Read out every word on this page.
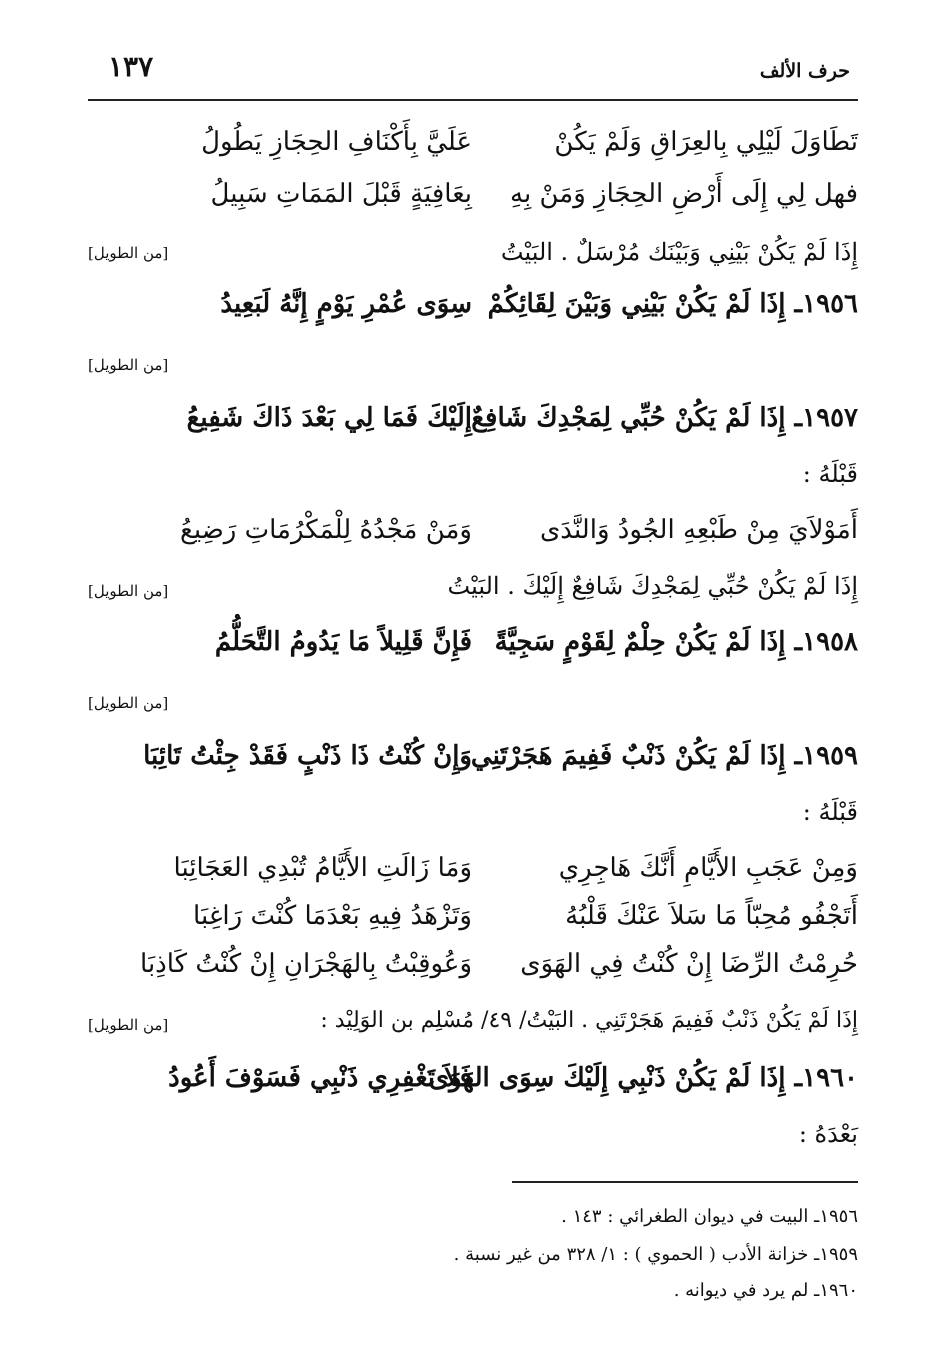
حرف الألف
١٣٧
تَطَاوَلَ لَيْلِي بِالعِرَاقِ وَلَمْ يَكُنْ
عَلَيَّ بِأَكْنَافِ الحِجَازِ يَطُولُ
فهل لِي إِلَى أَرْضِ الحِجَازِ وَمَنْ بِهِ
بِعَافِيَةٍ قَبْلَ المَمَاتِ سَبِيلُ
إِذَا لَمْ يَكُنْ بَيْنِي وَبَيْنَك مُرْسَلٌ . البَيْتُ
[من الطويل]
١٩٥٦ـ إِذَا لَمْ يَكُنْ بَيْنِي وَبَيْنَ لِقَائِكُمْ
سِوَى عُمْرِ يَوْمٍ إِنَّهُ لَبَعِيدُ
[من الطويل]
١٩٥٧ـ إِذَا لَمْ يَكُنْ حُبِّي لِمَجْدِكَ شَافِعٌ
إِلَيْكَ فَمَا لِي بَعْدَ ذَاكَ شَفِيعُ
قَبْلَهُ :
أَمَوْلاَيَ مِنْ طَبْعِهِ الجُودُ وَالنَّدَى
وَمَنْ مَجْدُهُ لِلْمَكْرُمَاتِ رَضِيعُ
إِذَا لَمْ يَكُنْ حُبِّي لِمَجْدِكَ شَافِعٌ إِلَيْكَ . البَيْتُ
[من الطويل]
١٩٥٨ـ إِذَا لَمْ يَكُنْ حِلْمٌ لِقَوْمٍ سَجِيَّةً
فَإِنَّ قَلِيلاً مَا يَدُومُ التَّحَلُّمُ
[من الطويل]
١٩٥٩ـ إِذَا لَمْ يَكُنْ ذَنْبٌ فَفِيمَ هَجَرْتَنِي
وَإِنْ كُنْتُ ذَا ذَنْبٍ فَقَدْ جِئْتُ تَائِبَا
قَبْلَهُ :
وَمِنْ عَجَبِ الأَيَّامِ أَنَّكَ هَاجِرِي
وَمَا زَالَتِ الأَيَّامُ تُبْدِي العَجَائِبَا
أَتَجْفُو مُحِبّاً مَا سَلاَ عَنْكَ قَلْبُهُ
وَتَزْهَدُ فِيهِ بَعْدَمَا كُنْتَ رَاغِبَا
حُرِمْتُ الرِّضَا إِنْ كُنْتُ فِي الهَوَى
وَعُوقِبْتُ بِالهَجْرَانِ إِنْ كُنْتُ كَاذِبَا
إِذَا لَمْ يَكُنْ ذَنْبٌ فَفِيمَ هَجَرْتَنِي . البَيْتُ/ ٤٩/ مُسْلِم بن الوَلِيْد :
[من الطويل]
١٩٦٠ـ إِذَا لَمْ يَكُنْ ذَنْبِي إِلَيْكَ سِوَى الهَوَى
فَلاَ تَغْفِرِي ذَنْبِي فَسَوْفَ أَعُودُ
بَعْدَهُ :
١٩٥٦ـ البيت في ديوان الطغرائي : ١٤٣ .
١٩٥٩ـ خزانة الأدب ( الحموي ) : ١/ ٣٢٨ من غير نسبة .
١٩٦٠ـ لم يرد في ديوانه .
